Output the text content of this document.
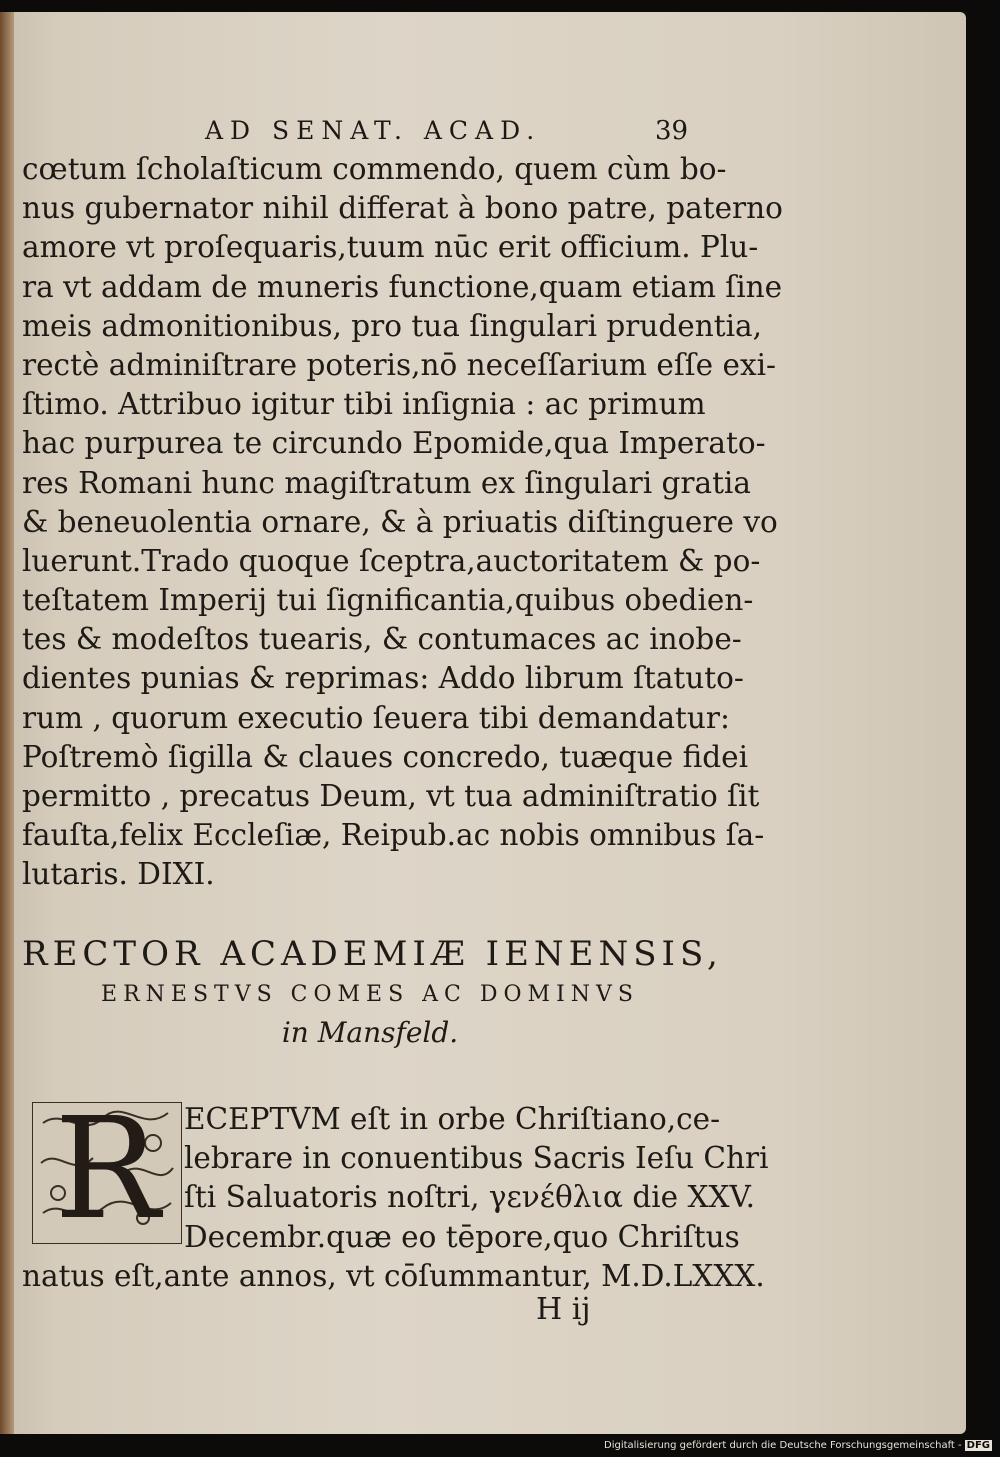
AD SENAT. ACAD.	39
cœtum ſcholaſticum commendo, quem cùm bo-
nus gubernator nihil differat à bono patre, paterno
amore vt proſequaris,tuum nūc erit officium. Plu-
ra vt addam de muneris functione,quam etiam ſine
meis admonitionibus, pro tua ſingulari prudentia,
rectè adminiſtrare poteris,nō neceſſarium eſſe exi-
ſtimo. Attribuo igitur tibi inſignia : ac primum
hac purpurea te circundo Epomide,qua Imperato-
res Romani hunc magiſtratum ex ſingulari gratia
& beneuolentia ornare, & à priuatis diſtinguere vo
luerunt.Trado quoque ſceptra,auctoritatem & po-
teſtatem Imperij tui ſignificantia,quibus obedien-
tes & modeſtos tuearis, & contumaces ac inobe-
dientes punias & reprimas: Addo librum ſtatuto-
rum , quorum executio ſeuera tibi demandatur:
Poſtremò ſigilla & claues concredo, tuæque fidei
permitto , precatus Deum, vt tua adminiſtratio ſit
fauſta,felix Eccleſiæ, Reipub.ac nobis omnibus ſa-
lutaris. DIXI.
RECTOR ACADEMIÆ IENENSIS,
ERNESTVS COMES AC DOMINVS
in Mansfeld.
R ECEPTVM eſt in orbe Chriſtiano,ce-
lebrare in conuentibus Sacris Ieſu Chri
ſti Saluatoris noſtri, γενέθλια die XXV.
Decembr.quæ eo tēpore,quo Chriſtus
natus eſt,ante annos, vt cōſummantur, M.D.LXXX.
H ij
Digitalisierung gefördert durch die Deutsche Forschungsgemeinschaft - DFG
